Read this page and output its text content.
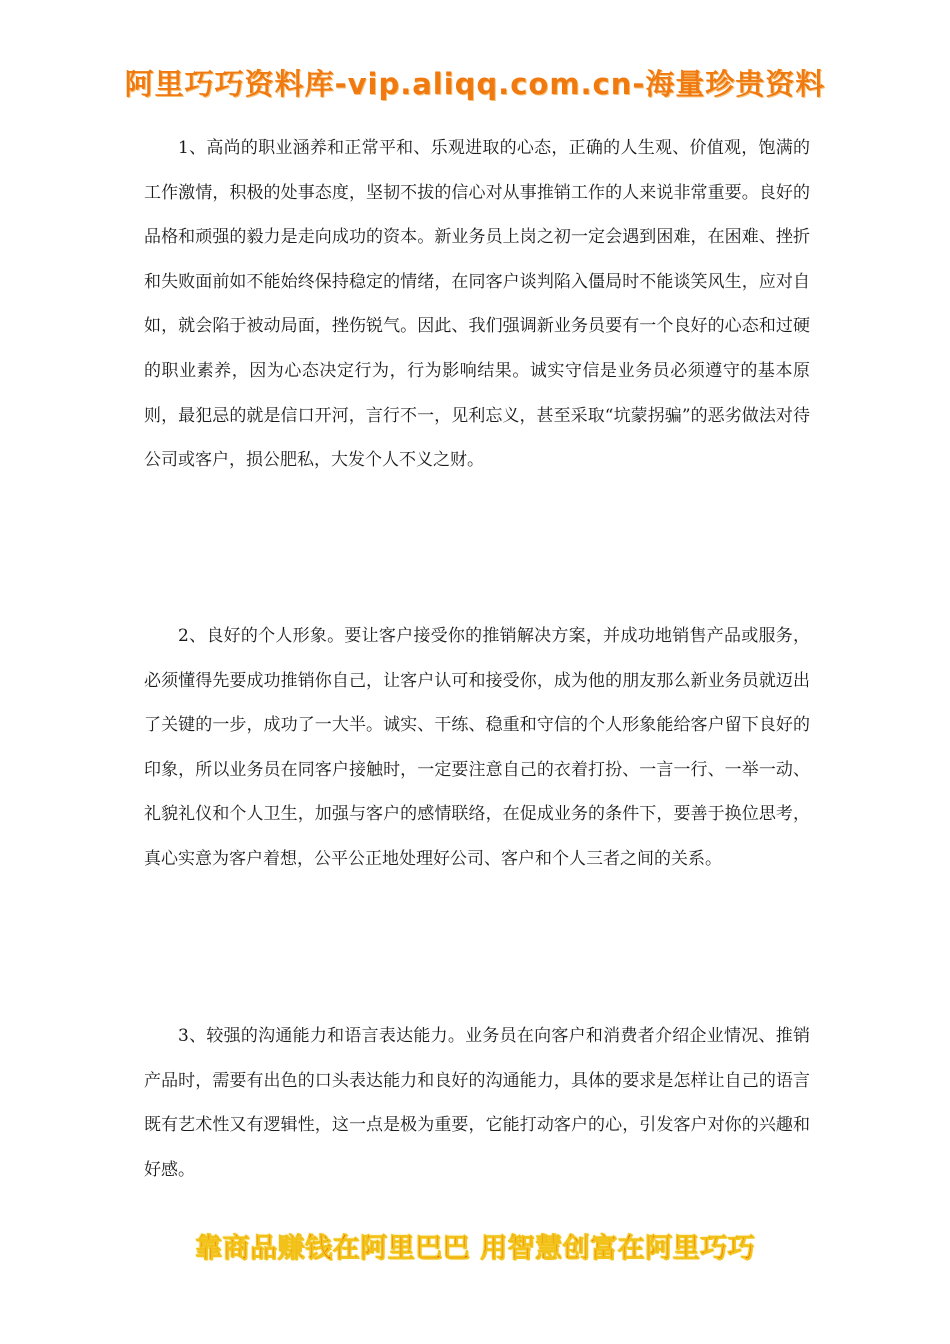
阿里巧巧资料库-vip.aliqq.com.cn-海量珍贵资料

1、高尚的职业涵养和正常平和、乐观进取的心态，正确的人生观、价值观，饱满的工作激情，积极的处事态度，坚韧不拔的信心对从事推销工作的人来说非常重要。良好的品格和顽强的毅力是走向成功的资本。新业务员上岗之初一定会遇到困难，在困难、挫折和失败面前如不能始终保持稳定的情绪，在同客户谈判陷入僵局时不能谈笑风生，应对自如，就会陷于被动局面，挫伤锐气。因此、我们强调新业务员要有一个良好的心态和过硬的职业素养，因为心态决定行为，行为影响结果。诚实守信是业务员必须遵守的基本原则，最犯忌的就是信口开河，言行不一，见利忘义，甚至采取“坑蒙拐骗”的恶劣做法对待公司或客户，损公肥私，大发个人不义之财。

2、良好的个人形象。要让客户接受你的推销解决方案，并成功地销售产品或服务，必须懂得先要成功推销你自己，让客户认可和接受你，成为他的朋友那么新业务员就迈出了关键的一步，成功了一大半。诚实、干练、稳重和守信的个人形象能给客户留下良好的印象，所以业务员在同客户接触时，一定要注意自己的衣着打扮、一言一行、一举一动、礼貌礼仪和个人卫生，加强与客户的感情联络，在促成业务的条件下，要善于换位思考，真心实意为客户着想，公平公正地处理好公司、客户和个人三者之间的关系。

3、较强的沟通能力和语言表达能力。业务员在向客户和消费者介绍企业情况、推销产品时，需要有出色的口头表达能力和良好的沟通能力，具体的要求是怎样让自己的语言既有艺术性又有逻辑性，这一点是极为重要，它能打动客户的心，引发客户对你的兴趣和好感。

靠商品赚钱在阿里巴巴 用智慧创富在阿里巧巧
